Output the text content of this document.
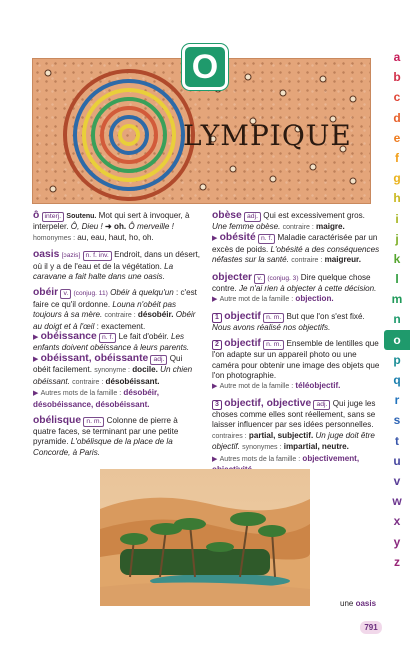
LYMPIQUE
O	a
b
c
d
e
f
g
h
i
j
k
l
m
n
o
p
q
r
s
t
u
v
w
x
y
z

ô interj. Soutenu. Mot qui sert à invoquer, à interpeler. Ô, Dieu ! ➜ oh. Ô merveille ! homonymes : au, eau, haut, ho, oh.

oasis [ɔazis] n. f. inv. Endroit, dans un désert, où il y a de l'eau et de la végétation. La caravane a fait halte dans une oasis.

obéir v. (conjug. 11) Obéir à quelqu'un : c'est faire ce qu'il ordonne. Louna n'obéit pas toujours à sa mère. contraire : désobéir. Obéir au doigt et à l'œil : exactement.

▶ obéissance n. f. Le fait d'obéir. Les enfants doivent obéissance à leurs parents.

▶ obéissant, obéissante adj. Qui obéit facilement. synonyme : docile. Un chien obéissant. contraire : désobéissant.
▶ Autres mots de la famille : désobéir, désobéissance, désobéissant.

obélisque n. m. Colonne de pierre à quatre faces, se terminant par une petite pyramide. L'obélisque de la place de la Concorde, à Paris.

obèse adj. Qui est excessivement gros. Une femme obèse. contraire : maigre.

▶ obésité n. f. Maladie caractérisée par un excès de poids. L'obésité a des conséquences néfastes sur la santé. contraire : maigreur.

objecter v. (conjug. 3) Dire quelque chose contre. Je n'ai rien à objecter à cette décision.
▶ Autre mot de la famille : objection.

1 objectif n. m. But que l'on s'est fixé. Nous avons réalisé nos objectifs.

2 objectif n. m. Ensemble de lentilles que l'on adapte sur un appareil photo ou une caméra pour obtenir une image des objets que l'on photographie.
▶ Autre mot de la famille : téléobjectif.

3 objectif, objective adj. Qui juge les choses comme elles sont réellement, sans se laisser influencer par ses idées personnelles. contraires : partial, subjectif. Un juge doit être objectif. synonymes : impartial, neutre.
▶ Autres mots de la famille : objectivement,

une oasis
791
